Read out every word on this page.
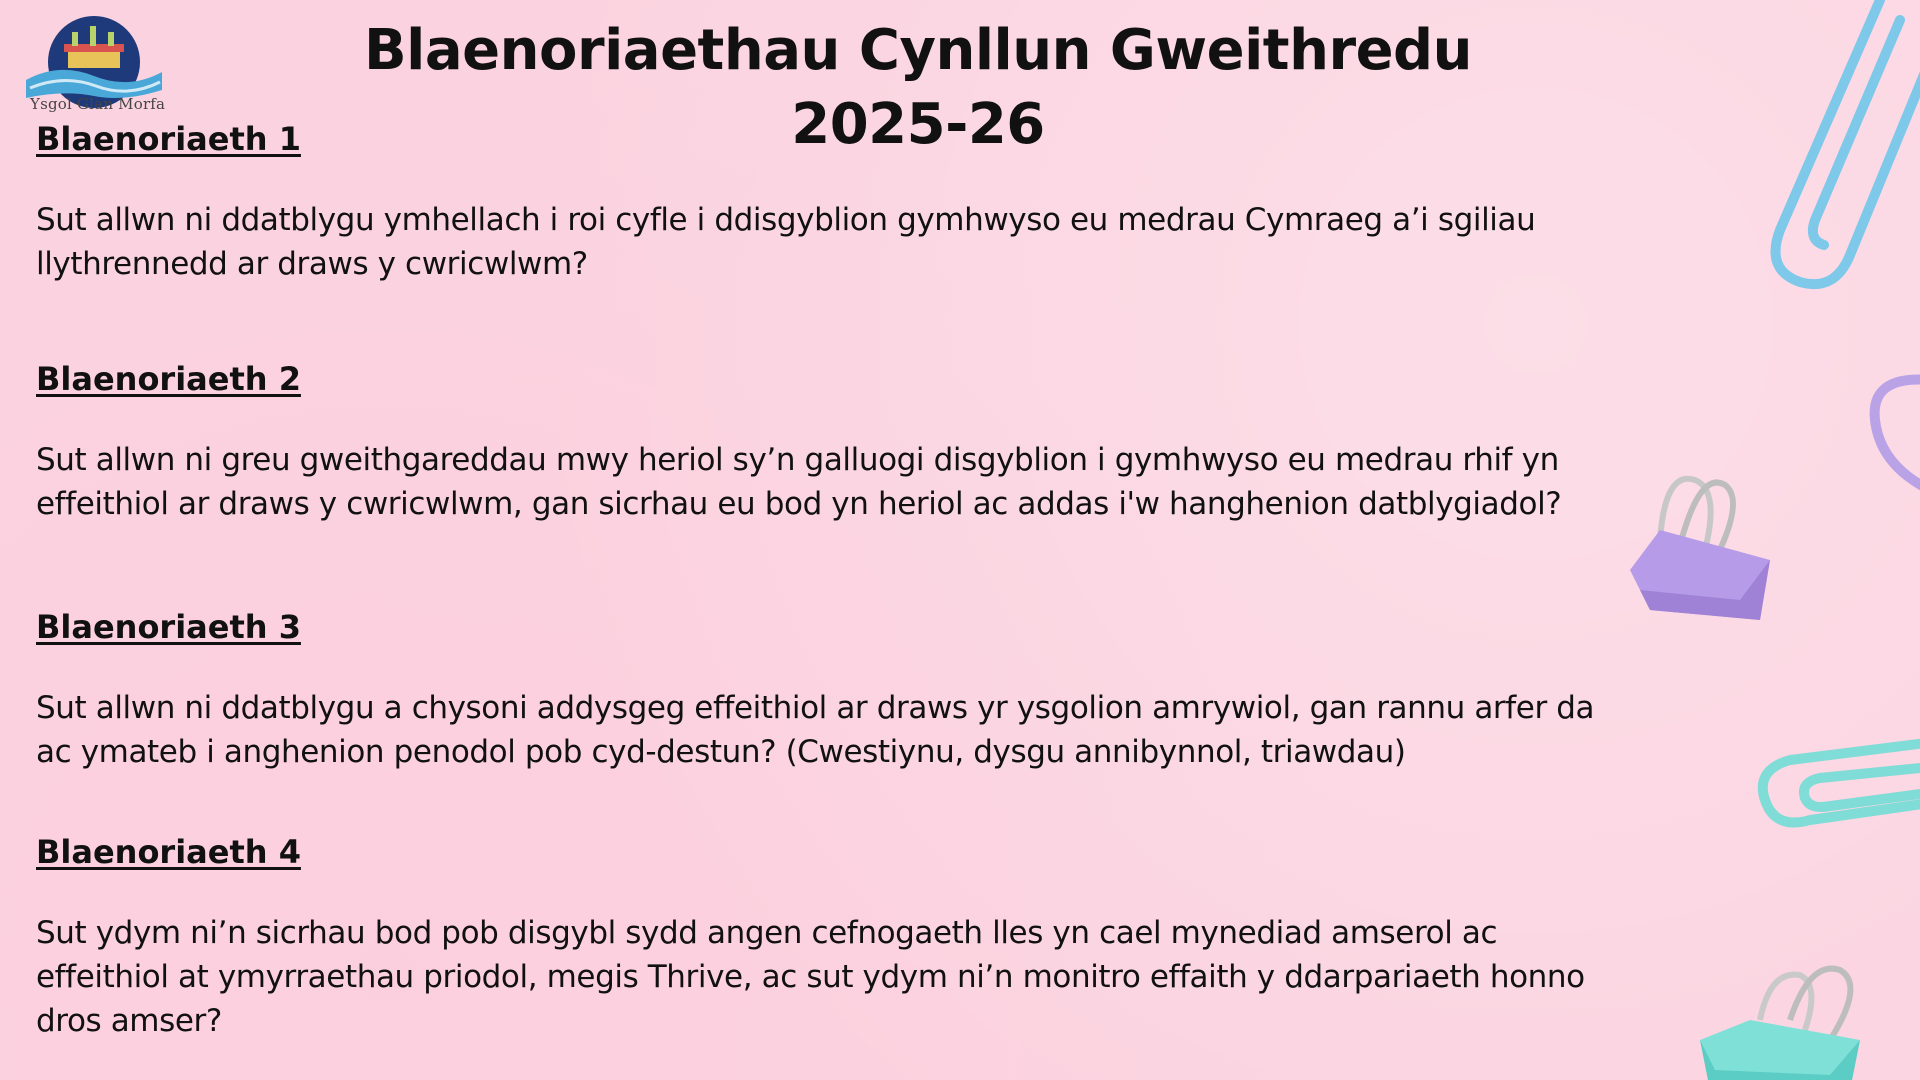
Ysgol Glan Morfa
Blaenoriaethau Cynllun Gweithredu
2025-26

Blaenoriaeth 1

Sut allwn ni ddatblygu ymhellach i roi cyfle i ddisgyblion gymhwyso eu medrau Cymraeg a’i sgiliau llythrennedd ar draws y cwricwlwm?

Blaenoriaeth 2

Sut allwn ni greu gweithgareddau mwy heriol sy’n galluogi disgyblion i gymhwyso eu medrau rhif yn effeithiol ar draws y cwricwlwm, gan sicrhau eu bod yn heriol ac addas i'w hanghenion datblygiadol?

Blaenoriaeth 3

Sut allwn ni ddatblygu a chysoni addysgeg effeithiol ar draws yr ysgolion amrywiol, gan rannu arfer da ac ymateb i anghenion penodol pob cyd-destun? (Cwestiynu, dysgu annibynnol, triawdau)

Blaenoriaeth 4

Sut ydym ni’n sicrhau bod pob disgybl sydd angen cefnogaeth lles yn cael mynediad amserol ac effeithiol at ymyrraethau priodol, megis Thrive, ac sut ydym ni’n monitro effaith y ddarpariaeth honno dros amser?
